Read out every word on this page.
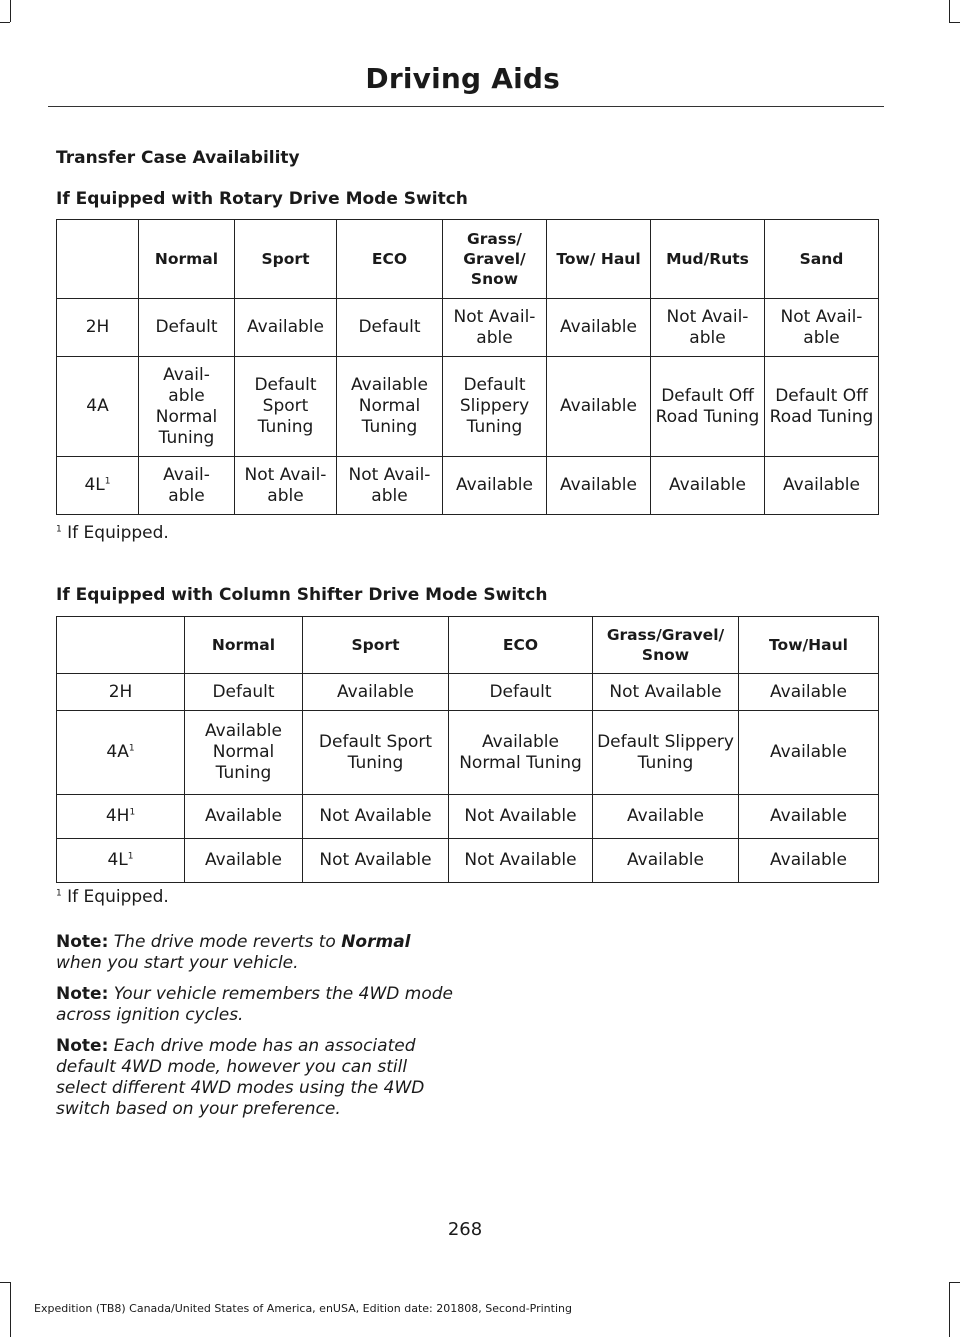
Driving Aids
Transfer Case Availability
If Equipped with Rotary Drive Mode Switch
	Normal	Sport	ECO	Grass/ Gravel/ Snow	Tow/ Haul	Mud/Ruts	Sand
2H	Default	Available	Default	Not Avail- able	Available	Not Avail- able	Not Avail- able
4A	Avail- able Normal Tuning	Default Sport Tuning	Available Normal Tuning	Default Slippery Tuning	Available	Default Off Road Tuning	Default Off Road Tuning
$4L^1$	Avail- able	Not Avail- able	Not Avail- able	Available	Available	Available	Available
$^1$ If Equipped.
If Equipped with Column Shifter Drive Mode Switch
	Normal	Sport	ECO	Grass/Gravel/ Snow	Tow/Haul
2H	Default	Available	Default	Not Available	Available
$4A^1$	Available Normal Tuning	Default Sport Tuning	Available Normal Tuning	Default Slippery Tuning	Available
$4H^1$	Available	Not Available	Not Available	Available	Available
$4L^1$	Available	Not Available	Not Available	Available	Available
$^1$ If Equipped.
Note: The drive mode reverts to Normal when you start your vehicle.
Note: Your vehicle remembers the 4WD mode across ignition cycles.
Note: Each drive mode has an associated default 4WD mode, however you can still select different 4WD modes using the 4WD switch based on your preference.
268
Expedition (TB8) Canada/United States of America, enUSA, Edition date: 201808, Second-Printing
